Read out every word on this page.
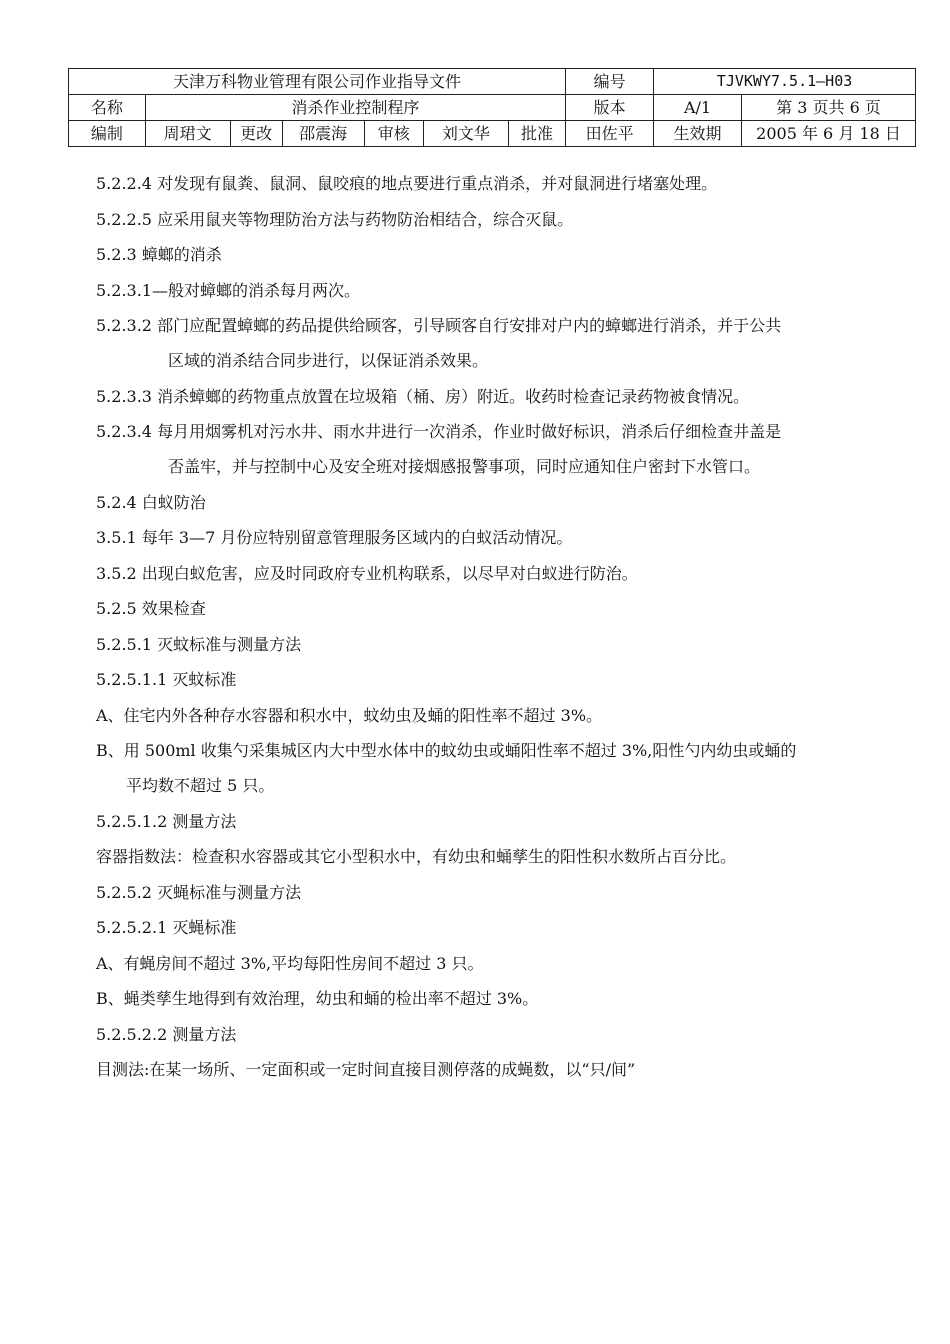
天津万科物业管理有限公司作业指导文件							编号	TJVKWY7.5.1—H03	
名称	消杀作业控制程序						版本	A/1	第 3 页共 6 页
编制	周珺文	更改	邵震海	审核	刘文华	批准	田佐平	生效期	2005 年 6 月 18 日
5.2.2.4 对发现有鼠粪、鼠洞、鼠咬痕的地点要进行重点消杀，并对鼠洞进行堵塞处理。
5.2.2.5 应采用鼠夹等物理防治方法与药物防治相结合，综合灭鼠。
5.2.3 蟑螂的消杀
5.2.3.1—般对蟑螂的消杀每月两次。
5.2.3.2 部门应配置蟑螂的药品提供给顾客，引导顾客自行安排对户内的蟑螂进行消杀，并于公共
区域的消杀结合同步进行，以保证消杀效果。
5.2.3.3 消杀蟑螂的药物重点放置在垃圾箱（桶、房）附近。收药时检查记录药物被食情况。
5.2.3.4 每月用烟雾机对污水井、雨水井进行一次消杀，作业时做好标识，消杀后仔细检查井盖是
否盖牢，并与控制中心及安全班对接烟感报警事项，同时应通知住户密封下水管口。
5.2.4 白蚁防治
3.5.1 每年 3—7 月份应特别留意管理服务区域内的白蚁活动情况。
3.5.2 出现白蚁危害，应及时同政府专业机构联系，以尽早对白蚁进行防治。
5.2.5 效果检查
5.2.5.1 灭蚊标准与测量方法
5.2.5.1.1 灭蚊标准
A、住宅内外各种存水容器和积水中，蚊幼虫及蛹的阳性率不超过 3%。
B、用 500ml 收集勺采集城区内大中型水体中的蚊幼虫或蛹阳性率不超过 3%,阳性勺内幼虫或蛹的
平均数不超过 5 只。
5.2.5.1.2 测量方法
容器指数法：检查积水容器或其它小型积水中，有幼虫和蛹孳生的阳性积水数所占百分比。
5.2.5.2 灭蝇标准与测量方法
5.2.5.2.1 灭蝇标准
A、有蝇房间不超过 3%,平均每阳性房间不超过 3 只。
B、蝇类孳生地得到有效治理，幼虫和蛹的检出率不超过 3%。
5.2.5.2.2 测量方法
目测法:在某一场所、一定面积或一定时间直接目测停落的成蝇数，以“只/间”
